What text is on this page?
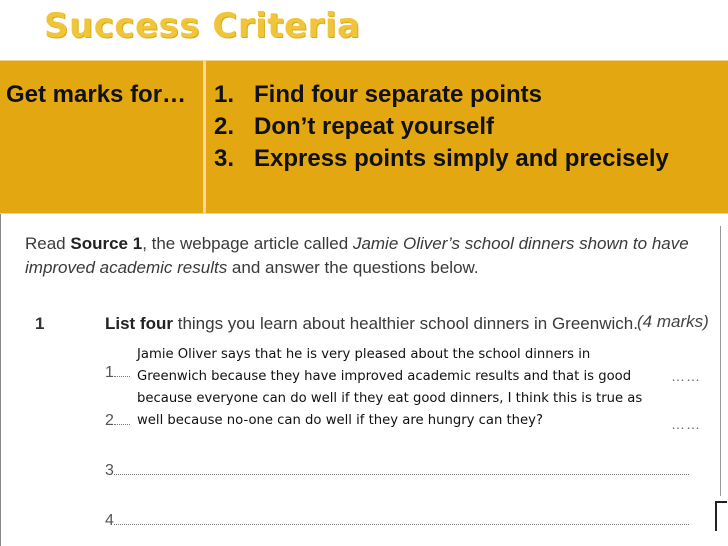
Success Criteria
Get marks for…	1. Find four separate points
2. Don’t repeat yourself
3. Express points simply and precisely
Read Source 1, the webpage article called Jamie Oliver’s school dinners shown to have improved academic results and answer the questions below.
1	List four things you learn about healthier school dinners in Greenwich. (4 marks)
1	……
2	……
3
4
Jamie Oliver says that he is very pleased about the school dinners in Greenwich because they have improved academic results and that is good because everyone can do well if they eat good dinners, I think this is true as well because no-one can do well if they are hungry can they?
